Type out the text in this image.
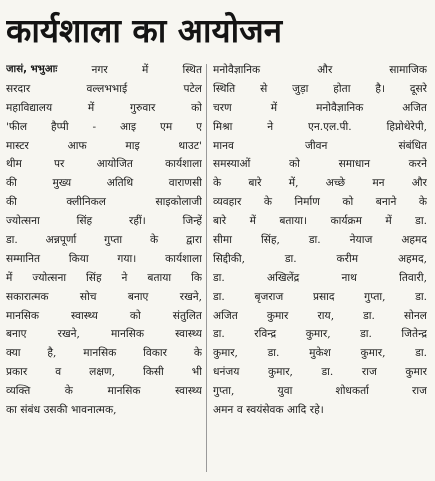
कार्यशाला का आयोजन
जासं, भभुआः	नगर	में	स्थित
सरदार	वल्लभभाई	पटेल
महाविद्यालय	में	गुरुवार	को
'फील हैप्पी - आइ एम ए
मास्टर	आफ	माइ	थाउट'
थीम	पर	आयोजित	कार्यशाला
की	मुख्य	अतिथि	वाराणसी
की	क्लीनिकल	साइकोलाजी
ज्योत्सना	सिंह	रहीं।	जिन्हें
डा.	अन्नपूर्णा	गुप्ता	के	द्वारा
सम्मानित	किया	गया।	कार्यशाला
में ज्योत्सना सिंह ने बताया कि
सकारात्मक	सोच	बनाए	रखने,
मानसिक	स्वास्थ्य	को	संतुलित
बनाए	रखने,	मानसिक	स्वास्थ्य
क्या	है,	मानसिक	विकार	के
प्रकार	व	लक्षण,	किसी	भी
व्यक्ति	के	मानसिक	स्वास्थ्य
का संबंध उसकी भावनात्मक,
मनोवैज्ञानिक	और	सामाजिक
स्थिति से जुड़ा होता है। दूसरे
चरण	में	मनोवैज्ञानिक	अजित
मिश्रा	ने	एन.एल.पी.	हिप्नोथेरेपी,
मानव	जीवन	संबंधित
समस्याओं	को	समाधान	करने
के	बारे	में,	अच्छे	मन	और
व्यवहार के निर्माण को बनाने के
बारे में बताया। कार्यक्रम में डा.
सीमा	सिंह,	डा.	नेयाज	अहमद
सिद्दीकी,	डा.	करीम	अहमद,
डा.	अखिलेंद्र	नाथ	तिवारी,
डा.	बृजराज	प्रसाद	गुप्ता,	डा.
अजित	कुमार	राय,	डा.	सोनल
डा.	रविन्द्र	कुमार,	डा.	जितेन्द्र
कुमार,	डा.	मुकेश	कुमार,	डा.
धनंजय	कुमार,	डा.	राज	कुमार
गुप्ता,	युवा	शोधकर्ता	राज
अमन व स्वयंसेवक आदि रहे।
